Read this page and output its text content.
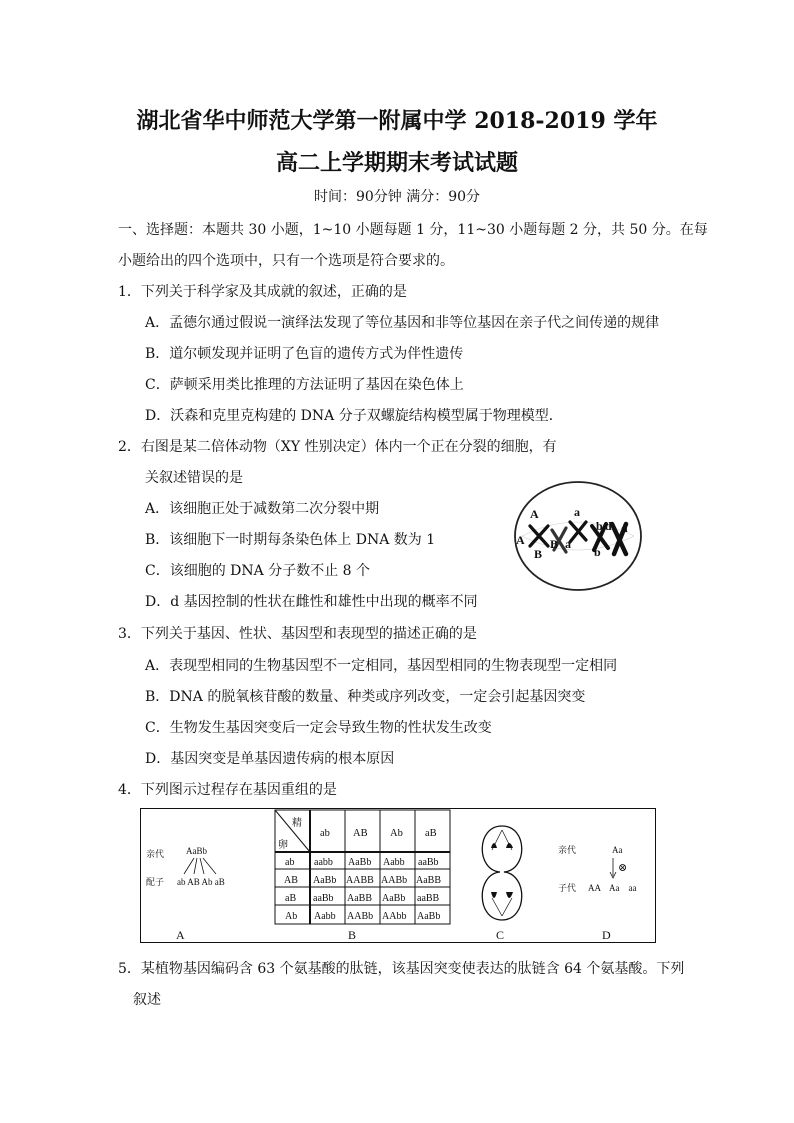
湖北省华中师范大学第一附属中学 2018-2019 学年
高二上学期期末考试试题
时间：90分钟 满分：90分
一、选择题：本题共 30 小题，1~10 小题每题 1 分，11~30 小题每题 2 分，共 50 分。在每
小题给出的四个选项中，只有一个选项是符合要求的。
1．下列关于科学家及其成就的叙述，正确的是
A．孟德尔通过假说一演绎法发现了等位基因和非等位基因在亲子代之间传递的规律
B．道尔顿发现并证明了色盲的遗传方式为伴性遗传
C．萨顿采用类比推理的方法证明了基因在染色体上
D．沃森和克里克构建的 DNA 分子双螺旋结构模型属于物理模型．
2．右图是某二倍体动物（XY 性别决定）体内一个正在分裂的细胞，有
关叙述错误的是
A．该细胞正处于减数第二次分裂中期
B．该细胞下一时期每条染色体上 DNA 数为 1
C．该细胞的 DNA 分子数不止 8 个
D．d 基因控制的性状在雌性和雄性中出现的概率不同
A	a
A
B
B a
b d d
b
3．下列关于基因、性状、基因型和表现型的描述正确的是
A．表现型相同的生物基因型不一定相同，基因型相同的生物表现型一定相同
B．DNA 的脱氧核苷酸的数量、种类或序列改变，一定会引起基因突变
C．生物发生基因突变后一定会导致生物的性状发生改变
D．基因突变是单基因遗传病的根本原因
4．下列图示过程存在基因重组的是
亲代 AaBb
配子 ab AB Ab aB
A
精
卵
ab AB Ab aB
ab aabb AaBb Aabb aaBb
AB AaBb AABB AABb AaBB
aB aaBb AaBB AaBb aaBB
Ab Aabb AABb AAbb AaBb
B	C
亲代	Aa
⊗
子代 AA    Aa    aa
D
5．某植物基因编码含 63 个氨基酸的肽链，该基因突变使表达的肽链含 64 个氨基酸。下列
叙述
